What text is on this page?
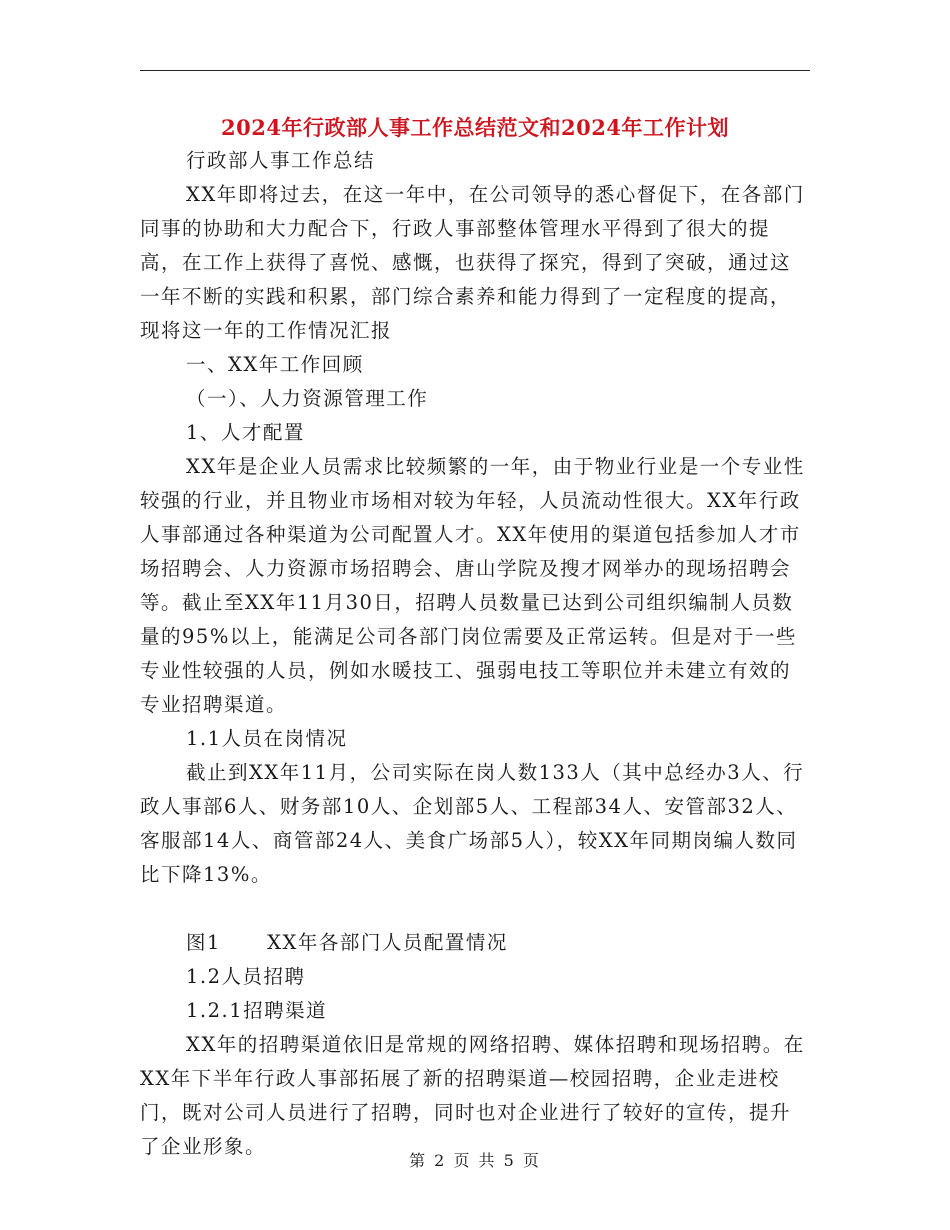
2024年行政部人事工作总结范文和2024年工作计划

行政部人事工作总结

XX年即将过去，在这一年中，在公司领导的悉心督促下，在各部门同事的协助和大力配合下，行政人事部整体管理水平得到了很大的提高，在工作上获得了喜悦、感慨，也获得了探究，得到了突破，通过这一年不断的实践和积累，部门综合素养和能力得到了一定程度的提高，现将这一年的工作情况汇报

一、XX年工作回顾

（一）、人力资源管理工作

1、人才配置

XX年是企业人员需求比较频繁的一年，由于物业行业是一个专业性较强的行业，并且物业市场相对较为年轻，人员流动性很大。XX年行政人事部通过各种渠道为公司配置人才。XX年使用的渠道包括参加人才市场招聘会、人力资源市场招聘会、唐山学院及搜才网举办的现场招聘会等。截止至XX年11月30日，招聘人员数量已达到公司组织编制人员数量的95%以上，能满足公司各部门岗位需要及正常运转。但是对于一些专业性较强的人员，例如水暖技工、强弱电技工等职位并未建立有效的专业招聘渠道。

1.1人员在岗情况

截止到XX年11月，公司实际在岗人数133人（其中总经办3人、行政人事部6人、财务部10人、企划部5人、工程部34人、安管部32人、客服部14人、商管部24人、美食广场部5人），较XX年同期岗编人数同比下降13%。

图1      XX年各部门人员配置情况

1.2人员招聘

1.2.1招聘渠道

XX年的招聘渠道依旧是常规的网络招聘、媒体招聘和现场招聘。在XX年下半年行政人事部拓展了新的招聘渠道—校园招聘，企业走进校门，既对公司人员进行了招聘，同时也对企业进行了较好的宣传，提升了企业形象。

第 2 页 共 5 页
